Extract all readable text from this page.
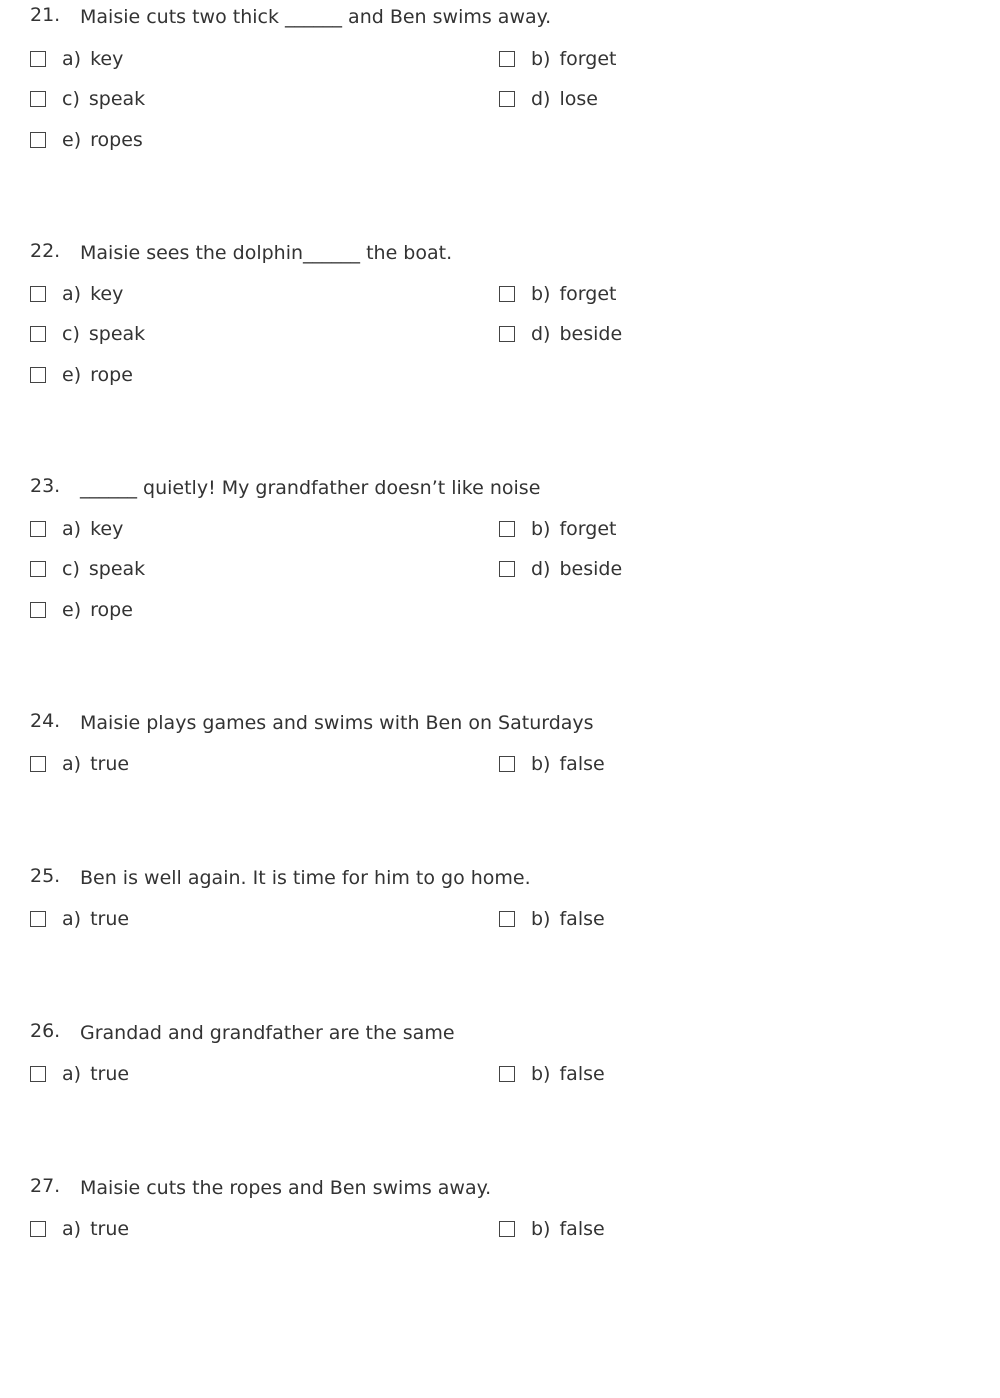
21. Maisie cuts two thick ______ and Ben swims away.
a) key	b) forget
c) speak	d) lose
e) ropes
22. Maisie sees the dolphin______ the boat.
a) key	b) forget
c) speak	d) beside
e) rope
23. ______ quietly! My grandfather doesn’t like noise
a) key	b) forget
c) speak	d) beside
e) rope
24. Maisie plays games and swims with Ben on Saturdays
a) true	b) false
25. Ben is well again. It is time for him to go home.
a) true	b) false
26. Grandad and grandfather are the same
a) true	b) false
27. Maisie cuts the ropes and Ben swims away.
a) true	b) false
